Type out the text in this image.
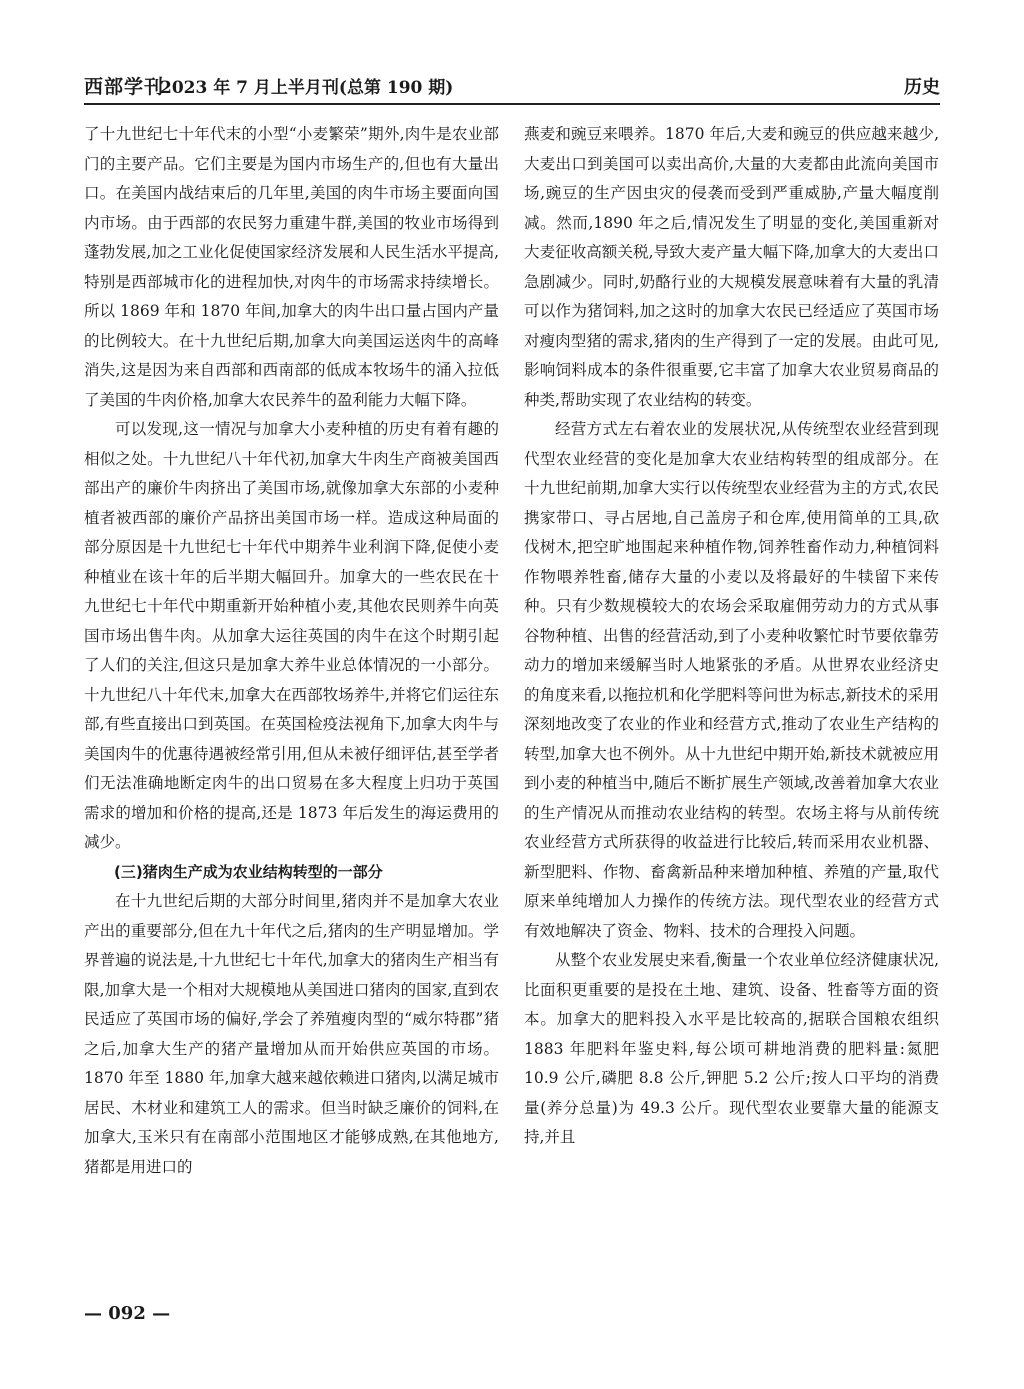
西部学刊
2023 年 7 月上半月刊(总第 190 期)	历史

了十九世纪七十年代末的小型“小麦繁荣”期外,肉牛是农业部门的主要产品。它们主要是为国内市场生产的,但也有大量出口。在美国内战结束后的几年里,美国的肉牛市场主要面向国内市场。由于西部的农民努力重建牛群,美国的牧业市场得到蓬勃发展,加之工业化促使国家经济发展和人民生活水平提高,特别是西部城市化的进程加快,对肉牛的市场需求持续增长。所以 1869 年和 1870 年间,加拿大的肉牛出口量占国内产量的比例较大。在十九世纪后期,加拿大向美国运送肉牛的高峰消失,这是因为来自西部和西南部的低成本牧场牛的涌入拉低了美国的牛肉价格,加拿大农民养牛的盈利能力大幅下降。

可以发现,这一情况与加拿大小麦种植的历史有着有趣的相似之处。十九世纪八十年代初,加拿大牛肉生产商被美国西部出产的廉价牛肉挤出了美国市场,就像加拿大东部的小麦种植者被西部的廉价产品挤出美国市场一样。造成这种局面的部分原因是十九世纪七十年代中期养牛业利润下降,促使小麦种植业在该十年的后半期大幅回升。加拿大的一些农民在十九世纪七十年代中期重新开始种植小麦,其他农民则养牛向英国市场出售牛肉。从加拿大运往英国的肉牛在这个时期引起了人们的关注,但这只是加拿大养牛业总体情况的一小部分。十九世纪八十年代末,加拿大在西部牧场养牛,并将它们运往东部,有些直接出口到英国。在英国检疫法视角下,加拿大肉牛与美国肉牛的优惠待遇被经常引用,但从未被仔细评估,甚至学者们无法准确地断定肉牛的出口贸易在多大程度上归功于英国需求的增加和价格的提高,还是 1873 年后发生的海运费用的减少。

(三)猪肉生产成为农业结构转型的一部分

在十九世纪后期的大部分时间里,猪肉并不是加拿大农业产出的重要部分,但在九十年代之后,猪肉的生产明显增加。学界普遍的说法是,十九世纪七十年代,加拿大的猪肉生产相当有限,加拿大是一个相对大规模地从美国进口猪肉的国家,直到农民适应了英国市场的偏好,学会了养殖瘦肉型的“威尔特郡”猪之后,加拿大生产的猪产量增加从而开始供应英国的市场。1870 年至 1880 年,加拿大越来越依赖进口猪肉,以满足城市居民、木材业和建筑工人的需求。但当时缺乏廉价的饲料,在加拿大,玉米只有在南部小范围地区才能够成熟,在其他地方,猪都是用进口的

燕麦和豌豆来喂养。1870 年后,大麦和豌豆的供应越来越少,大麦出口到美国可以卖出高价,大量的大麦都由此流向美国市场,豌豆的生产因虫灾的侵袭而受到严重威胁,产量大幅度削减。然而,1890 年之后,情况发生了明显的变化,美国重新对大麦征收高额关税,导致大麦产量大幅下降,加拿大的大麦出口急剧减少。同时,奶酪行业的大规模发展意味着有大量的乳清可以作为猪饲料,加之这时的加拿大农民已经适应了英国市场对瘦肉型猪的需求,猪肉的生产得到了一定的发展。由此可见,影响饲料成本的条件很重要,它丰富了加拿大农业贸易商品的种类,帮助实现了农业结构的转变。

经营方式左右着农业的发展状况,从传统型农业经营到现代型农业经营的变化是加拿大农业结构转型的组成部分。在十九世纪前期,加拿大实行以传统型农业经营为主的方式,农民携家带口、寻占居地,自己盖房子和仓库,使用简单的工具,砍伐树木,把空旷地围起来种植作物,饲养牲畜作动力,种植饲料作物喂养牲畜,储存大量的小麦以及将最好的牛犊留下来传种。只有少数规模较大的农场会采取雇佣劳动力的方式从事谷物种植、出售的经营活动,到了小麦种收繁忙时节要依靠劳动力的增加来缓解当时人地紧张的矛盾。从世界农业经济史的角度来看,以拖拉机和化学肥料等问世为标志,新技术的采用深刻地改变了农业的作业和经营方式,推动了农业生产结构的转型,加拿大也不例外。从十九世纪中期开始,新技术就被应用到小麦的种植当中,随后不断扩展生产领域,改善着加拿大农业的生产情况从而推动农业结构的转型。农场主将与从前传统农业经营方式所获得的收益进行比较后,转而采用农业机器、新型肥料、作物、畜禽新品种来增加种植、养殖的产量,取代原来单纯增加人力操作的传统方法。现代型农业的经营方式有效地解决了资金、物料、技术的合理投入问题。

从整个农业发展史来看,衡量一个农业单位经济健康状况,比面积更重要的是投在土地、建筑、设备、牲畜等方面的资本。加拿大的肥料投入水平是比较高的,据联合国粮农组织 1883 年肥料年鉴史料,每公顷可耕地消费的肥料量:氮肥 10.9 公斤,磷肥 8.8 公斤,钾肥 5.2 公斤;按人口平均的消费量(养分总量)为 49.3 公斤。现代型农业要靠大量的能源支持,并且

— 092 —
